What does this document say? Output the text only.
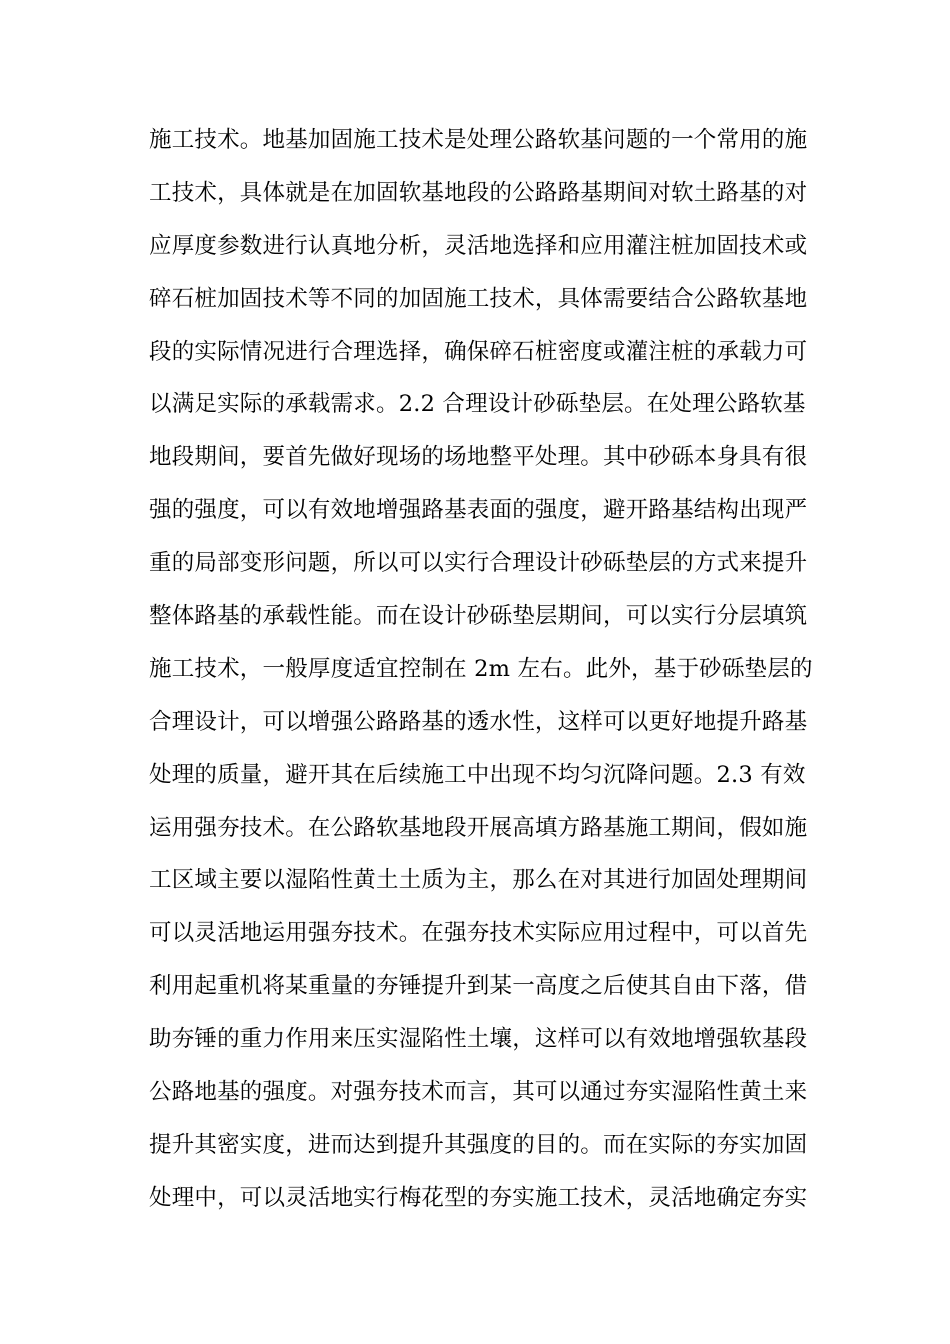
施工技术。地基加固施工技术是处理公路软基问题的一个常用的施
工技术，具体就是在加固软基地段的公路路基期间对软土路基的对
应厚度参数进行认真地分析，灵活地选择和应用灌注桩加固技术或
碎石桩加固技术等不同的加固施工技术，具体需要结合公路软基地
段的实际情况进行合理选择，确保碎石桩密度或灌注桩的承载力可
以满足实际的承载需求。2.2 合理设计砂砾垫层。在处理公路软基
地段期间，要首先做好现场的场地整平处理。其中砂砾本身具有很
强的强度，可以有效地增强路基表面的强度，避开路基结构出现严
重的局部变形问题，所以可以实行合理设计砂砾垫层的方式来提升
整体路基的承载性能。而在设计砂砾垫层期间，可以实行分层填筑
施工技术，一般厚度适宜控制在 2m 左右。此外，基于砂砾垫层的
合理设计，可以增强公路路基的透水性，这样可以更好地提升路基
处理的质量，避开其在后续施工中出现不均匀沉降问题。2.3 有效
运用强夯技术。在公路软基地段开展高填方路基施工期间，假如施
工区域主要以湿陷性黄土土质为主，那么在对其进行加固处理期间
可以灵活地运用强夯技术。在强夯技术实际应用过程中，可以首先
利用起重机将某重量的夯锤提升到某一高度之后使其自由下落，借
助夯锤的重力作用来压实湿陷性土壤，这样可以有效地增强软基段
公路地基的强度。对强夯技术而言，其可以通过夯实湿陷性黄土来
提升其密实度，进而达到提升其强度的目的。而在实际的夯实加固
处理中，可以灵活地实行梅花型的夯实施工技术，灵活地确定夯实
